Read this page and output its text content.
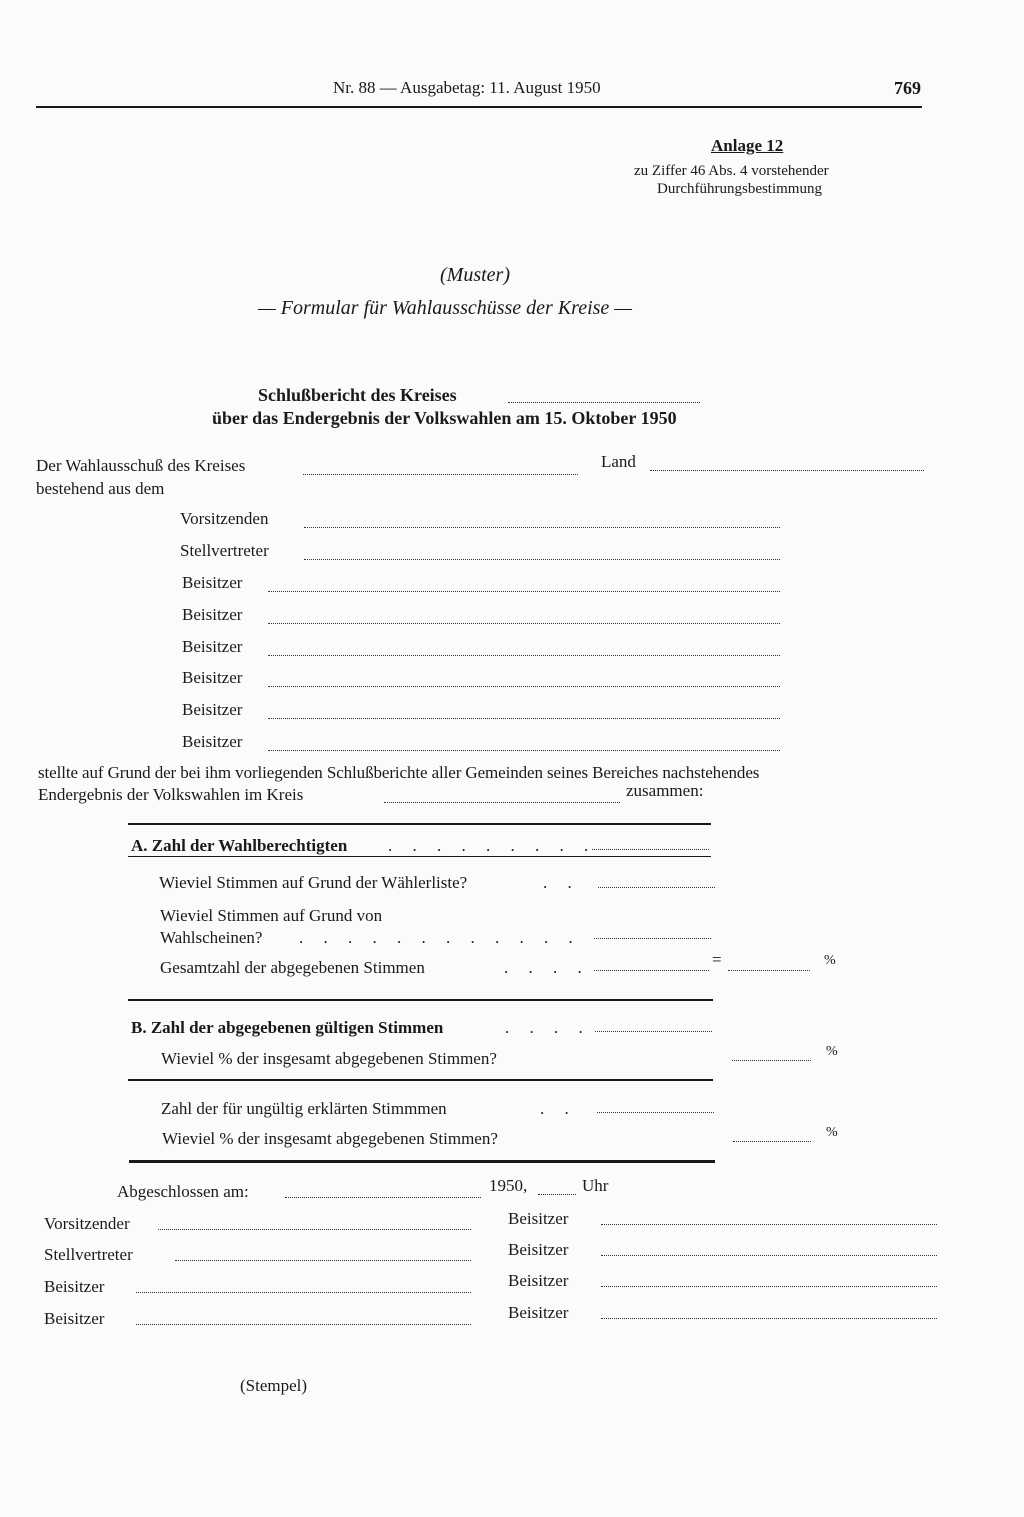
Nr. 88 — Ausgabetag: 11. August 1950	769
Anlage 12
zu Ziffer 46 Abs. 4 vorstehender
Durchführungsbestimmung
(Muster)
— Formular für Wahlausschüsse der Kreise —
Schlußbericht des Kreises
über das Endergebnis der Volkswahlen am 15. Oktober 1950
Der Wahlausschuß des Kreises	Land
bestehend aus dem
Vorsitzenden
Stellvertreter
Beisitzer
Beisitzer
Beisitzer
Beisitzer
Beisitzer
Beisitzer
stellte auf Grund der bei ihm vorliegenden Schlußberichte aller Gemeinden seines Bereiches nachstehendes
Endergebnis der Volkswahlen im Kreis	zusammen:
A. Zahl der Wahlberechtigten . . . . . . . . .
Wieviel Stimmen auf Grund der Wählerliste?	. .
Wieviel Stimmen auf Grund von
Wahlscheinen? . . . . . . . . . . . .
Gesamtzahl der abgegebenen Stimmen	. . . .	=	%
B. Zahl der abgegebenen gültigen Stimmen	. . . .
Wieviel % der insgesamt abgegebenen Stimmen?	%
Zahl der für ungültig erklärten Stimmmen	. .
Wieviel % der insgesamt abgegebenen Stimmen?	%
Abgeschlossen am:	1950,	Uhr
Vorsitzender
Stellvertreter
Beisitzer
Beisitzer
Beisitzer
Beisitzer
Beisitzer
Beisitzer
(Stempel)
